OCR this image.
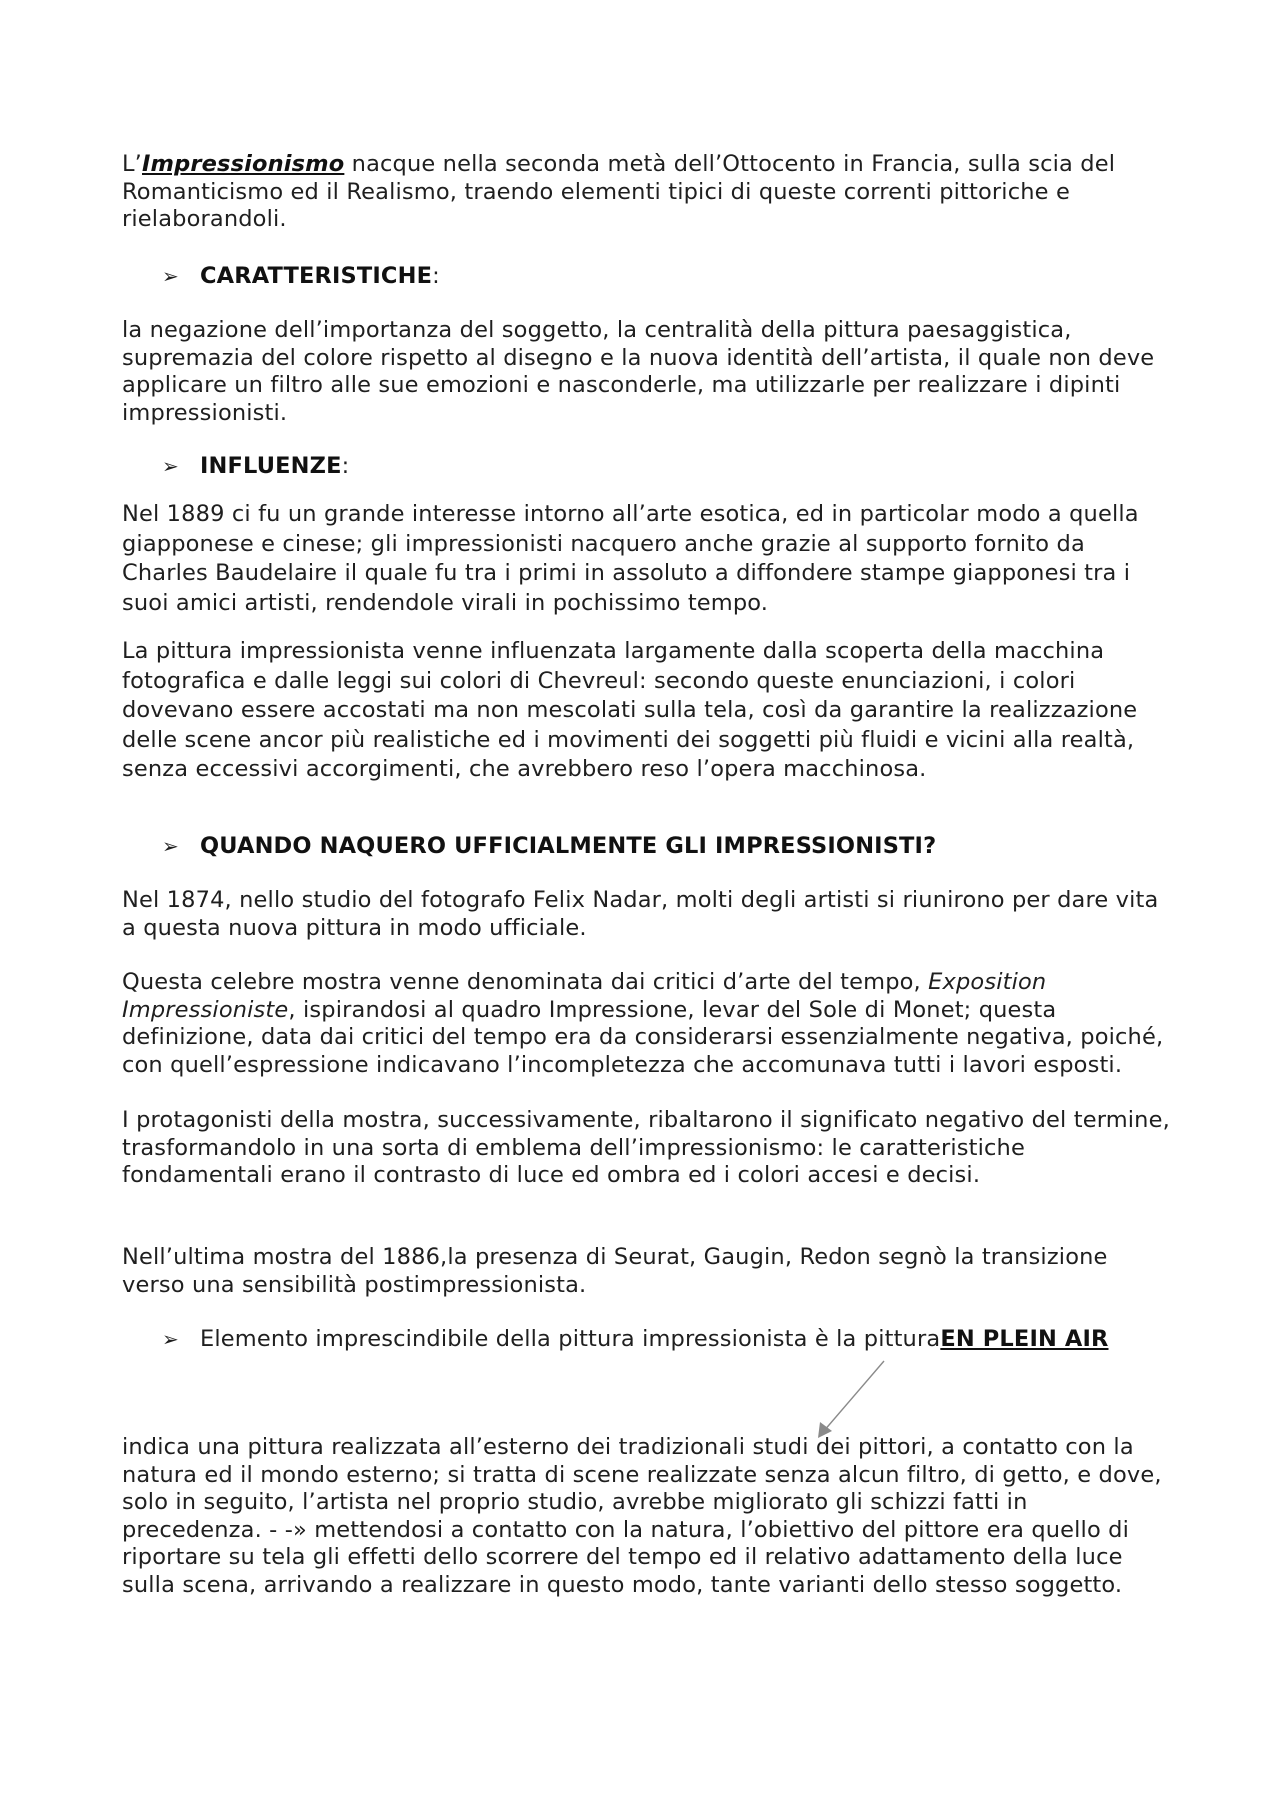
L’Impressionismo nacque nella seconda metà dell’Ottocento in Francia, sulla scia del Romanticismo ed il Realismo, traendo elementi tipici di queste correnti pittoriche e rielaborandoli.

➢ CARATTERISTICHE :

la negazione dell’importanza del soggetto, la centralità della pittura paesaggistica, supremazia del colore rispetto al disegno e la nuova identità dell’artista, il quale non deve applicare un filtro alle sue emozioni e nasconderle, ma utilizzarle per realizzare i dipinti impressionisti.

➢ INFLUENZE :

Nel 1889 ci fu un grande interesse intorno all’arte esotica, ed in particolar modo a quella giapponese e cinese; gli impressionisti nacquero anche grazie al supporto fornito da Charles Baudelaire il quale fu tra i primi in assoluto a diffondere stampe giapponesi tra i suoi amici artisti, rendendole virali in pochissimo tempo.

La pittura impressionista venne influenzata largamente dalla scoperta della macchina fotografica e dalle leggi sui colori di Chevreul: secondo queste enunciazioni, i colori dovevano essere accostati ma non mescolati sulla tela, così da garantire la realizzazione delle scene ancor più realistiche ed i movimenti dei soggetti più fluidi e vicini alla realtà, senza eccessivi accorgimenti, che avrebbero reso l’opera macchinosa.

➢ QUANDO NAQUERO UFFICIALMENTE GLI IMPRESSIONISTI?

Nel 1874, nello studio del fotografo Felix Nadar, molti degli artisti si riunirono per dare vita a questa nuova pittura in modo ufficiale.

Questa celebre mostra venne denominata dai critici d’arte del tempo, Exposition Impressioniste, ispirandosi al quadro Impressione, levar del Sole di Monet; questa definizione, data dai critici del tempo era da considerarsi essenzialmente negativa, poiché, con quell’espressione indicavano l’incompletezza che accomunava tutti i lavori esposti.

I protagonisti della mostra, successivamente, ribaltarono il significato negativo del termine, trasformandolo in una sorta di emblema dell’impressionismo: le caratteristiche fondamentali erano il contrasto di luce ed ombra ed i colori accesi e decisi.

Nell’ultima mostra del 1886,la presenza di Seurat, Gaugin, Redon segnò la transizione verso una sensibilità postimpressionista.

➢ Elemento imprescindibile della pittura impressionista è la pittura EN PLEIN AIR

indica una pittura realizzata all’esterno dei tradizionali studi dei pittori, a contatto con la natura ed il mondo esterno; si tratta di scene realizzate senza alcun filtro, di getto, e dove, solo in seguito, l’artista nel proprio studio, avrebbe migliorato gli schizzi fatti in precedenza. - -» mettendosi a contatto con la natura, l’obiettivo del pittore era quello di riportare su tela gli effetti dello scorrere del tempo ed il relativo adattamento della luce sulla scena, arrivando a realizzare in questo modo, tante varianti dello stesso soggetto.
